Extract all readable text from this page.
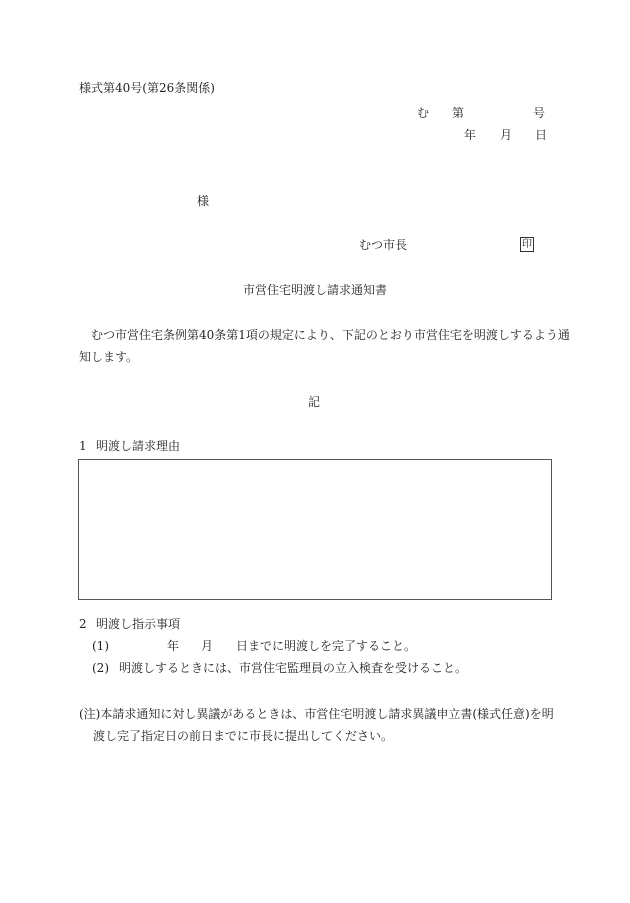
様式第40号(第26条関係)
む 第	号
年 月 日
様
むつ市長	印
市営住宅明渡し請求通知書
むつ市営住宅条例第40条第1項の規定により、下記のとおり市営住宅を明渡しするよう通
知します。
記
1 明渡し請求理由
2 明渡し指示事項
(1)	年 月 日までに明渡しを完了すること。
(2) 明渡しするときには、市営住宅監理員の立入検査を受けること。
(注)本請求通知に対し異議があるときは、市営住宅明渡し請求異議申立書(様式任意)を明
渡し完了指定日の前日までに市長に提出してください。
